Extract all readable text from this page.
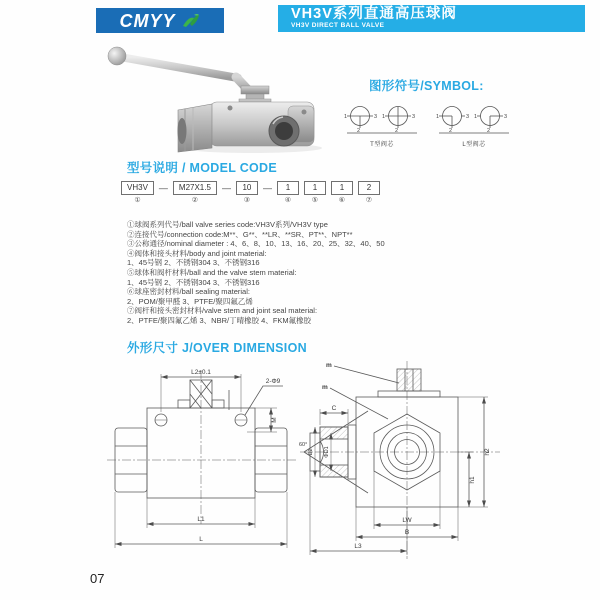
CMYY	VH3V系列直通高压球阀
VH3V DIRECT BALL VALVE
图形符号/SYMBOL:
1	3 1	3
2	2
T型阀芯
1	3 1	3
2	2
L型阀芯
型号说明 / MODEL CODE
VH3V
①
—	M27X1.5
②
—	10
③
—	1
④
1
⑤
1
⑥
2
⑦
①球阀系列代号/ball valve series code:VH3V系列/VH3V type
②连接代号/connection code:M**、G**、**LR、**SR、PT**、NPT**
③公称通径/nominal diameter : 4、6、8、10、13、16、20、25、32、40、50
④阀体和接头材料/body and joint material:
1、45号钢 2、不锈钢304 3、不锈钢316
⑤球体和阀杆材料/ball and the valve stem material:
1、45号钢 2、不锈钢304 3、不锈钢316
⑥球座密封材料/ball sealing material:
2、POM/聚甲醛 3、PTFE/聚四氟乙烯
⑦阀杆和接头密封材料/valve stem and joint seal material:
2、PTFE/聚四氟乙烯 3、NBR/丁晴橡胶 4、FKM氟橡胶
外形尺寸 J/OVER DIMENSION
L2±0.1
2-Φ9
M
L1
L
m
m
C
60°
D2 ΦD1	h2
h1
LW
B
L3
07
